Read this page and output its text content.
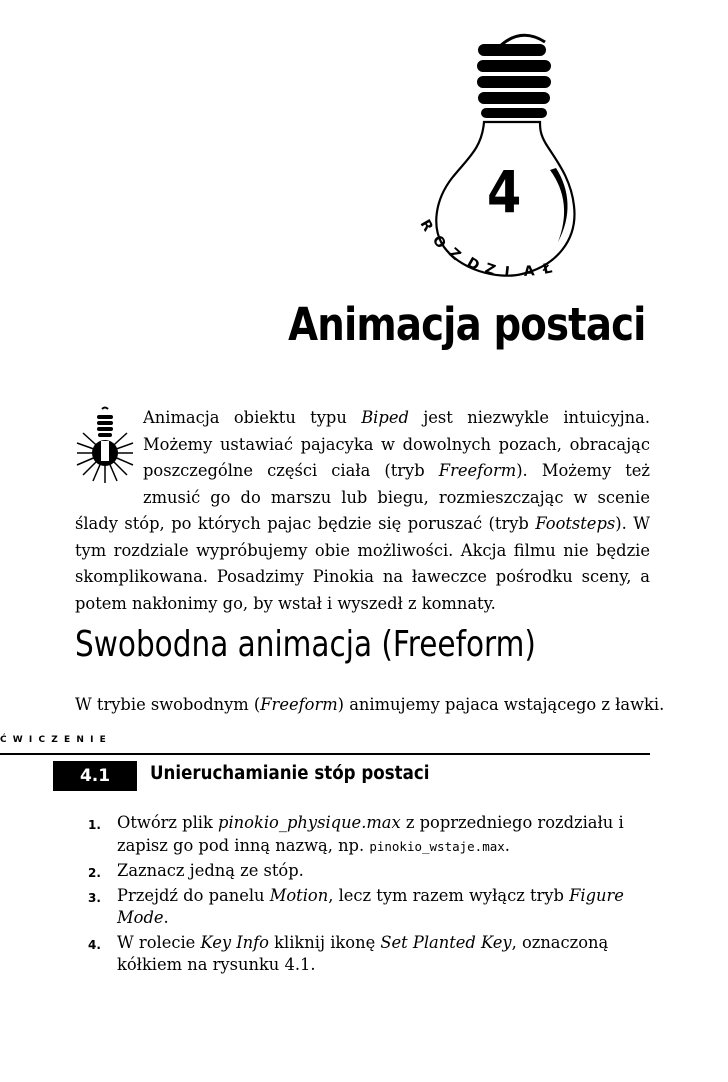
4
R
O
Z
D Z I A Ł
Animacja postaci

Animacja obiektu typu Biped jest niezwykle intuicyjna. Możemy ustawiać pajacyka w dowolnych pozach, obracając poszczególne części ciała (tryb Freeform). Możemy też zmusić go do marszu lub biegu, rozmieszczając w scenie ślady stóp, po których pajac będzie się poruszać (tryb Footsteps). W tym rozdziale wypróbujemy obie możliwości. Akcja filmu nie będzie skomplikowana. Posadzimy Pinokia na ławeczce pośrodku sceny, a potem nakłonimy go, by wstał i wyszedł z komnaty.

Swobodna animacja (Freeform)

W trybie swobodnym (Freeform) animujemy pajaca wstającego z ławki.

ĆWICZENIE
4.1	Unieruchamianie stóp postaci
1. Otwórz plik pinokio_physique.max z poprzedniego rozdziału i zapisz go pod inną nazwą, np. pinokio_wstaje.max.
2. Zaznacz jedną ze stóp.
3. Przejdź do panelu Motion, lecz tym razem wyłącz tryb Figure Mode.
4. W rolecie Key Info kliknij ikonę Set Planted Key, oznaczoną kółkiem na rysunku 4.1.
